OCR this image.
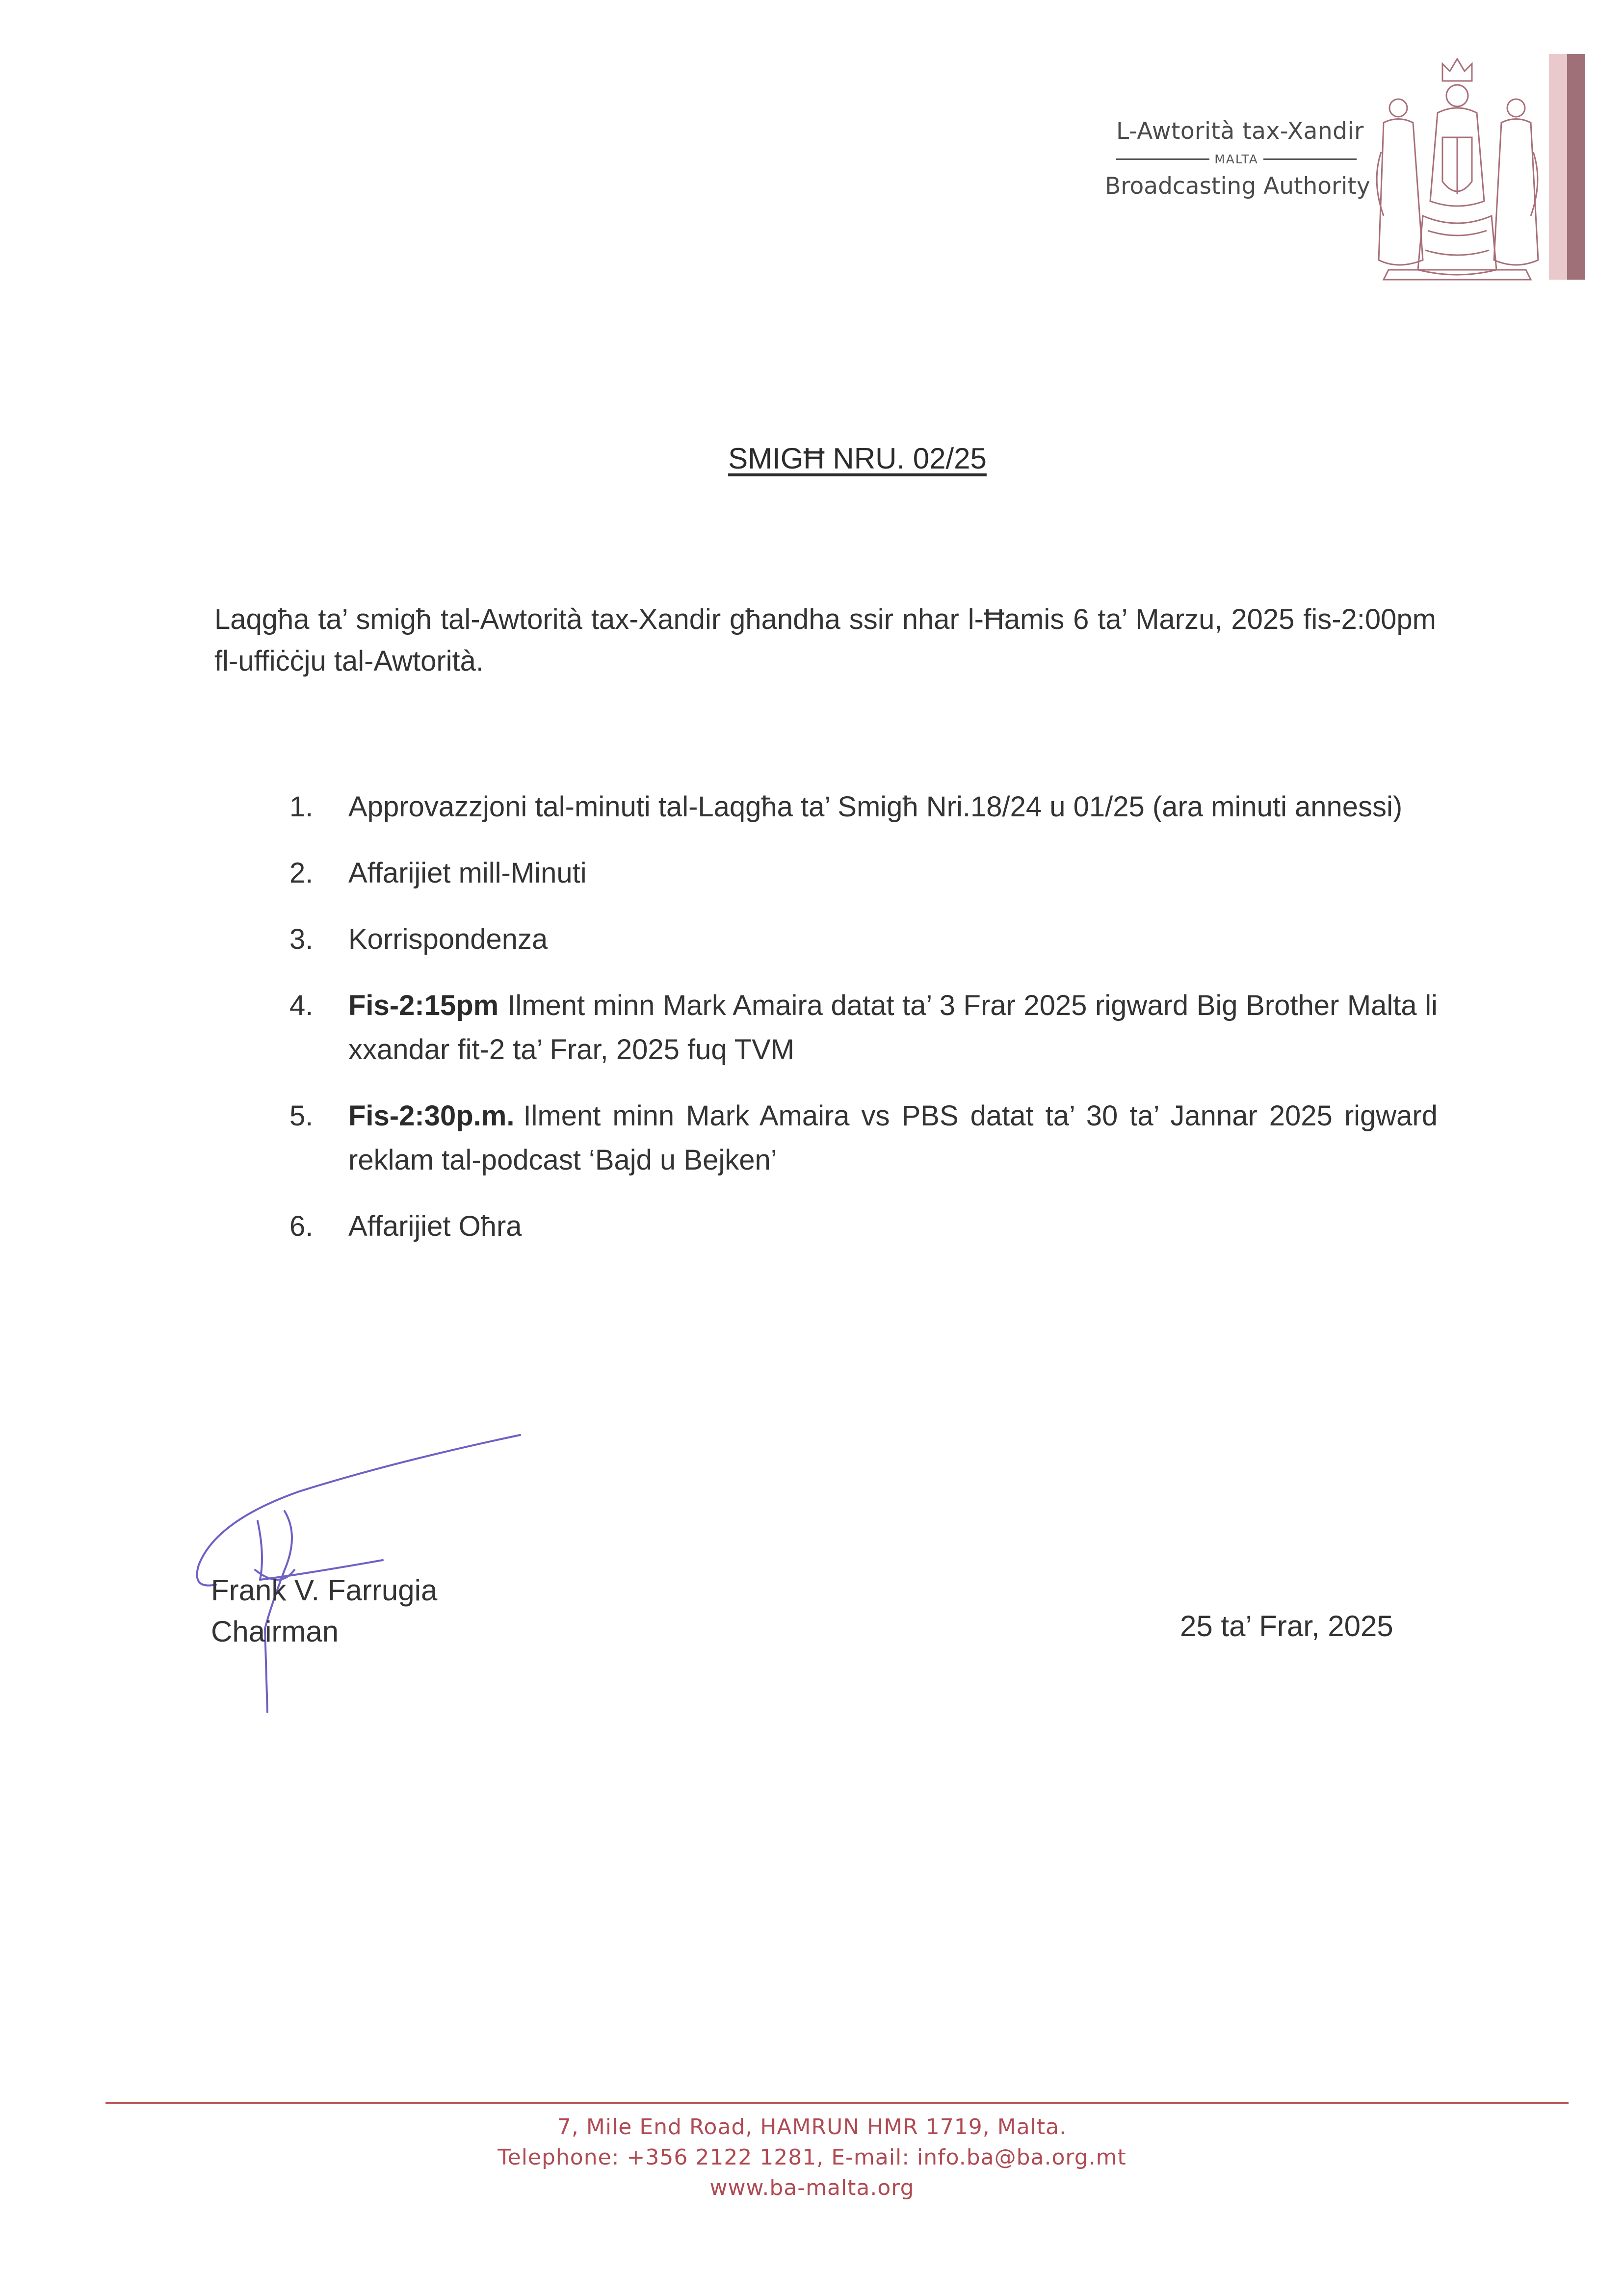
L-Awtorità tax-Xandir
MALTA
Broadcasting Authority
SMIGĦ NRU. 02/25
Laqgħa ta’ smigħ tal-Awtorità tax-Xandir għandha ssir nhar l-Ħamis 6 ta’ Marzu, 2025 fis-2:00pm fl-uffiċċju tal-Awtorità.
1. Approvazzjoni tal-minuti tal-Laqgħa ta’ Smigħ Nri.18/24 u 01/25 (ara minuti annessi)
2. Affarijiet mill-Minuti
3. Korrispondenza
4. Fis-2:15pm Ilment minn Mark Amaira datat ta’ 3 Frar 2025 rigward Big Brother Malta li xxandar fit-2 ta’ Frar, 2025 fuq TVM
5. Fis-2:30p.m. Ilment minn Mark Amaira vs PBS datat ta’ 30 ta’ Jannar 2025 rigward reklam tal-podcast ‘Bajd u Bejken’
6. Affarijiet Oħra
Frank V. Farrugia
Chairman	25 ta’ Frar, 2025
7, Mile End Road, HAMRUN HMR 1719, Malta.
Telephone: +356 2122 1281, E-mail: info.ba@ba.org.mt
www.ba-malta.org
